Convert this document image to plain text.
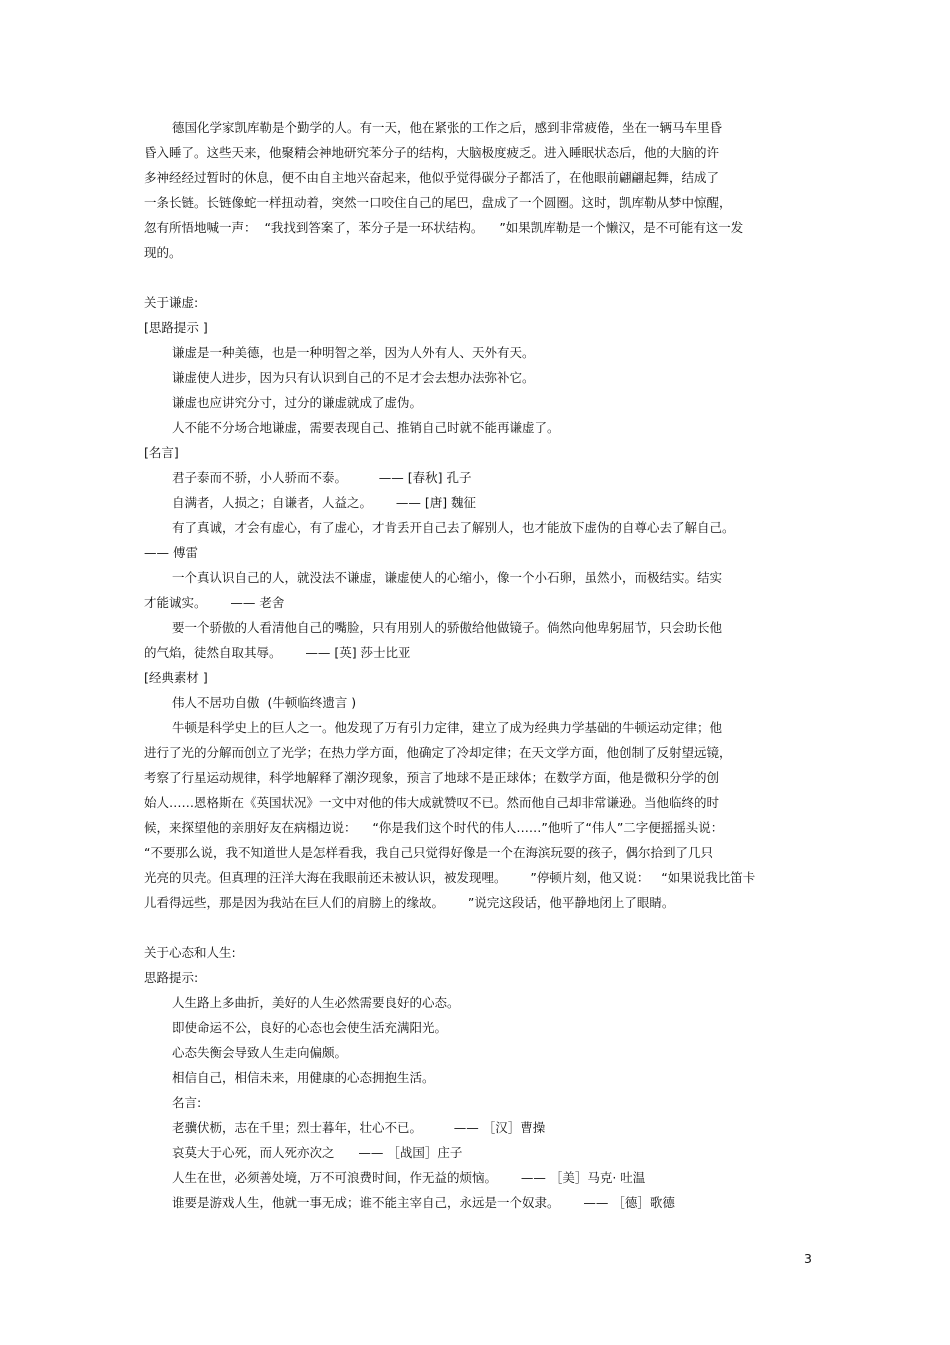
德国化学家凯库勒是个勤学的人。有一天，他在紧张的工作之后，感到非常疲倦，坐在一辆马车里昏
昏入睡了。这些天来，他聚精会神地研究苯分子的结构，大脑极度疲乏。进入睡眠状态后，他的大脑的许
多神经经过暂时的休息，便不由自主地兴奋起来，他似乎觉得碳分子都活了，在他眼前翩翩起舞，结成了
一条长链。长链像蛇一样扭动着，突然一口咬住自己的尾巴，盘成了一个圆圈。这时，凯库勒从梦中惊醒，
忽有所悟地喊一声：  “我找到答案了，苯分子是一环状结构。    ”如果凯库勒是一个懒汉，是不可能有这一发
现的。
关于谦虚:
[思路提示 ]
谦虚是一种美德，也是一种明智之举，因为人外有人、天外有天。
谦虚使人进步，因为只有认识到自己的不足才会去想办法弥补它。
谦虚也应讲究分寸，过分的谦虚就成了虚伪。
人不能不分场合地谦虚，需要表现自己、推销自己时就不能再谦虚了。
[名言]
君子泰而不骄，小人骄而不泰。        —— [春秋] 孔子
自满者，人损之；自谦者，人益之。      —— [唐] 魏征
有了真诚，才会有虚心，有了虚心，才肯丢开自己去了解别人，也才能放下虚伪的自尊心去了解自己。
—— 傅雷
一个真认识自己的人，就没法不谦虚，谦虚使人的心缩小，像一个小石卵，虽然小，而极结实。结实
才能诚实。      —— 老舍
要一个骄傲的人看清他自己的嘴脸，只有用别人的骄傲给他做镜子。倘然向他卑躬屈节，只会助长他
的气焰，徒然自取其辱。      —— [英] 莎士比亚
[经典素材 ]
伟人不居功自傲  (牛顿临终遗言 )
牛顿是科学史上的巨人之一。他发现了万有引力定律，建立了成为经典力学基础的牛顿运动定律；他
进行了光的分解而创立了光学；在热力学方面，他确定了冷却定律；在天文学方面，他创制了反射望远镜，
考察了行星运动规律，科学地解释了潮汐现象，预言了地球不是正球体；在数学方面，他是微积分学的创
始人……恩格斯在《英国状况》一文中对他的伟大成就赞叹不已。然而他自己却非常谦逊。当他临终的时
候，来探望他的亲朋好友在病榻边说：    “你是我们这个时代的伟人……”他听了“伟人”二字便摇摇头说：
“不要那么说，我不知道世人是怎样看我，我自己只觉得好像是一个在海滨玩耍的孩子，偶尔拾到了几只
光亮的贝壳。但真理的汪洋大海在我眼前还未被认识，被发现哩。      ”停顿片刻，他又说：   “如果说我比笛卡
儿看得远些，那是因为我站在巨人们的肩膀上的缘故。      ”说完这段话，他平静地闭上了眼睛。
关于心态和人生:
思路提示:
人生路上多曲折，美好的人生必然需要良好的心态。
即使命运不公，良好的心态也会使生活充满阳光。
心态失衡会导致人生走向偏颇。
相信自己，相信未来，用健康的心态拥抱生活。
名言:
老骥伏枥，志在千里；烈士暮年，壮心不已。        —— ［汉］曹操
哀莫大于心死，而人死亦次之      —— ［战国］庄子
人生在世，必须善处境，万不可浪费时间，作无益的烦恼。      —— ［美］马克· 吐温
谁要是游戏人生，他就一事无成；谁不能主宰自己，永远是一个奴隶。      —— ［德］歌德
3
